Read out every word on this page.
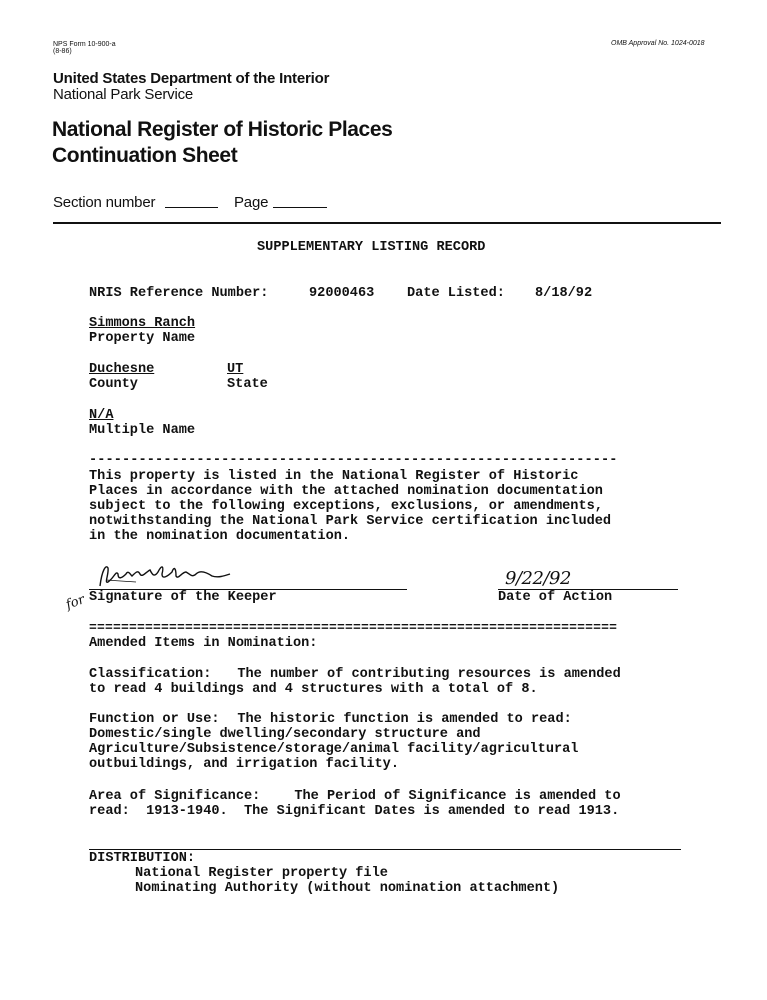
NPS Form 10-900-a
(8-86)
OMB Approval No. 1024-0018
United States Department of the Interior
National Park Service
National Register of Historic Places
Continuation Sheet
Section number	Page
SUPPLEMENTARY LISTING RECORD
NRIS Reference Number:	92000463 Date Listed: 8/18/92
Simmons Ranch
Property Name
Duchesne
County
UT
State
N/A
Multiple Name
----------------------------------------------------------------
This property is listed in the National Register of Historic
Places in accordance with the attached nomination documentation
subject to the following exceptions, exclusions, or amendments,
notwithstanding the National Park Service certification included
in the nomination documentation.
for Signature of the Keeper
9/22/92
Date of Action
==================================================================
Amended Items in Nomination:
Classification: The number of contributing resources is amended
to read 4 buildings and 4 structures with a total of 8.
Function or Use: The historic function is amended to read:
Domestic/single dwelling/secondary structure and
Agriculture/Subsistence/storage/animal facility/agricultural
outbuildings, and irrigation facility.
Area of Significance: The Period of Significance is amended to
read:  1913-1940.  The Significant Dates is amended to read 1913.
DISTRIBUTION:
National Register property file
Nominating Authority (without nomination attachment)
